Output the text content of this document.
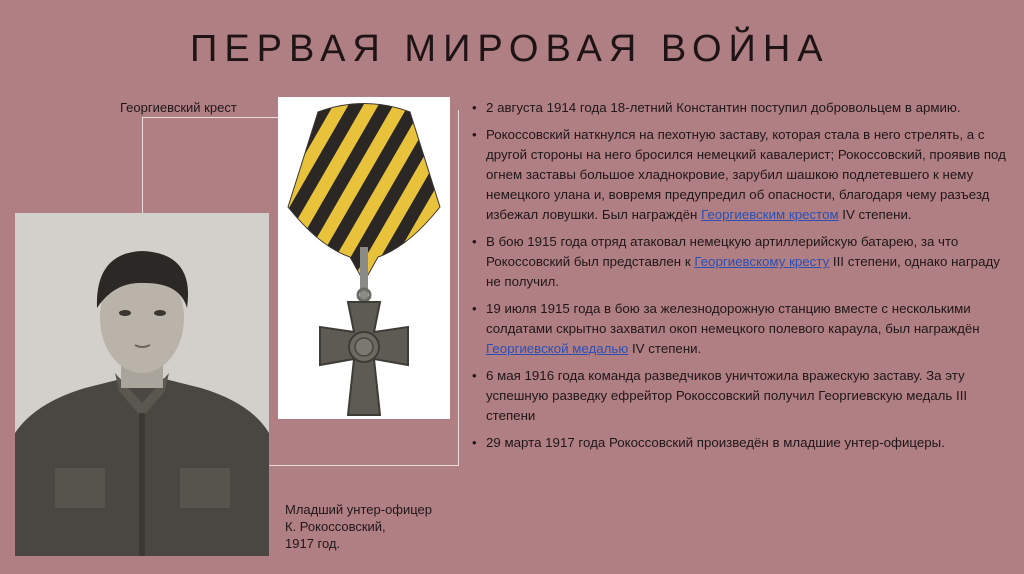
ПЕРВАЯ МИРОВАЯ ВОЙНА
Георгиевский крест
Младший унтер-офицер
К. Рокоссовский,
1917 год.
• 2 августа 1914 года 18-летний Константин поступил добровольцем в армию.
• Рокоссовский наткнулся на пехотную заставу, которая стала в него стрелять, а с другой стороны на него бросился немецкий кавалерист; Рокоссовский, проявив под огнем заставы большое хладнокровие, зарубил шашкою подлетевшего к нему немецкого улана и, вовремя предупредил об опасности, благодаря чему разъезд избежал ловушки. Был награждён Георгиевским крестом IV степени.
• В бою 1915 года отряд атаковал немецкую артиллерийскую батарею, за что Рокоссовский был представлен к Георгиевскому кресту III степени, однако награду не получил.
• 19 июля 1915 года в бою за железнодорожную станцию вместе с несколькими солдатами скрытно захватил окоп немецкого полевого караула, был награждён Георгиевской медалью IV степени.
• 6 мая 1916 года команда разведчиков уничтожила вражескую заставу. За эту успешную разведку ефрейтор Рокоссовский получил Георгиевскую медаль III степени
• 29 марта 1917 года Рокоссовский произведён в младшие унтер-офицеры.
